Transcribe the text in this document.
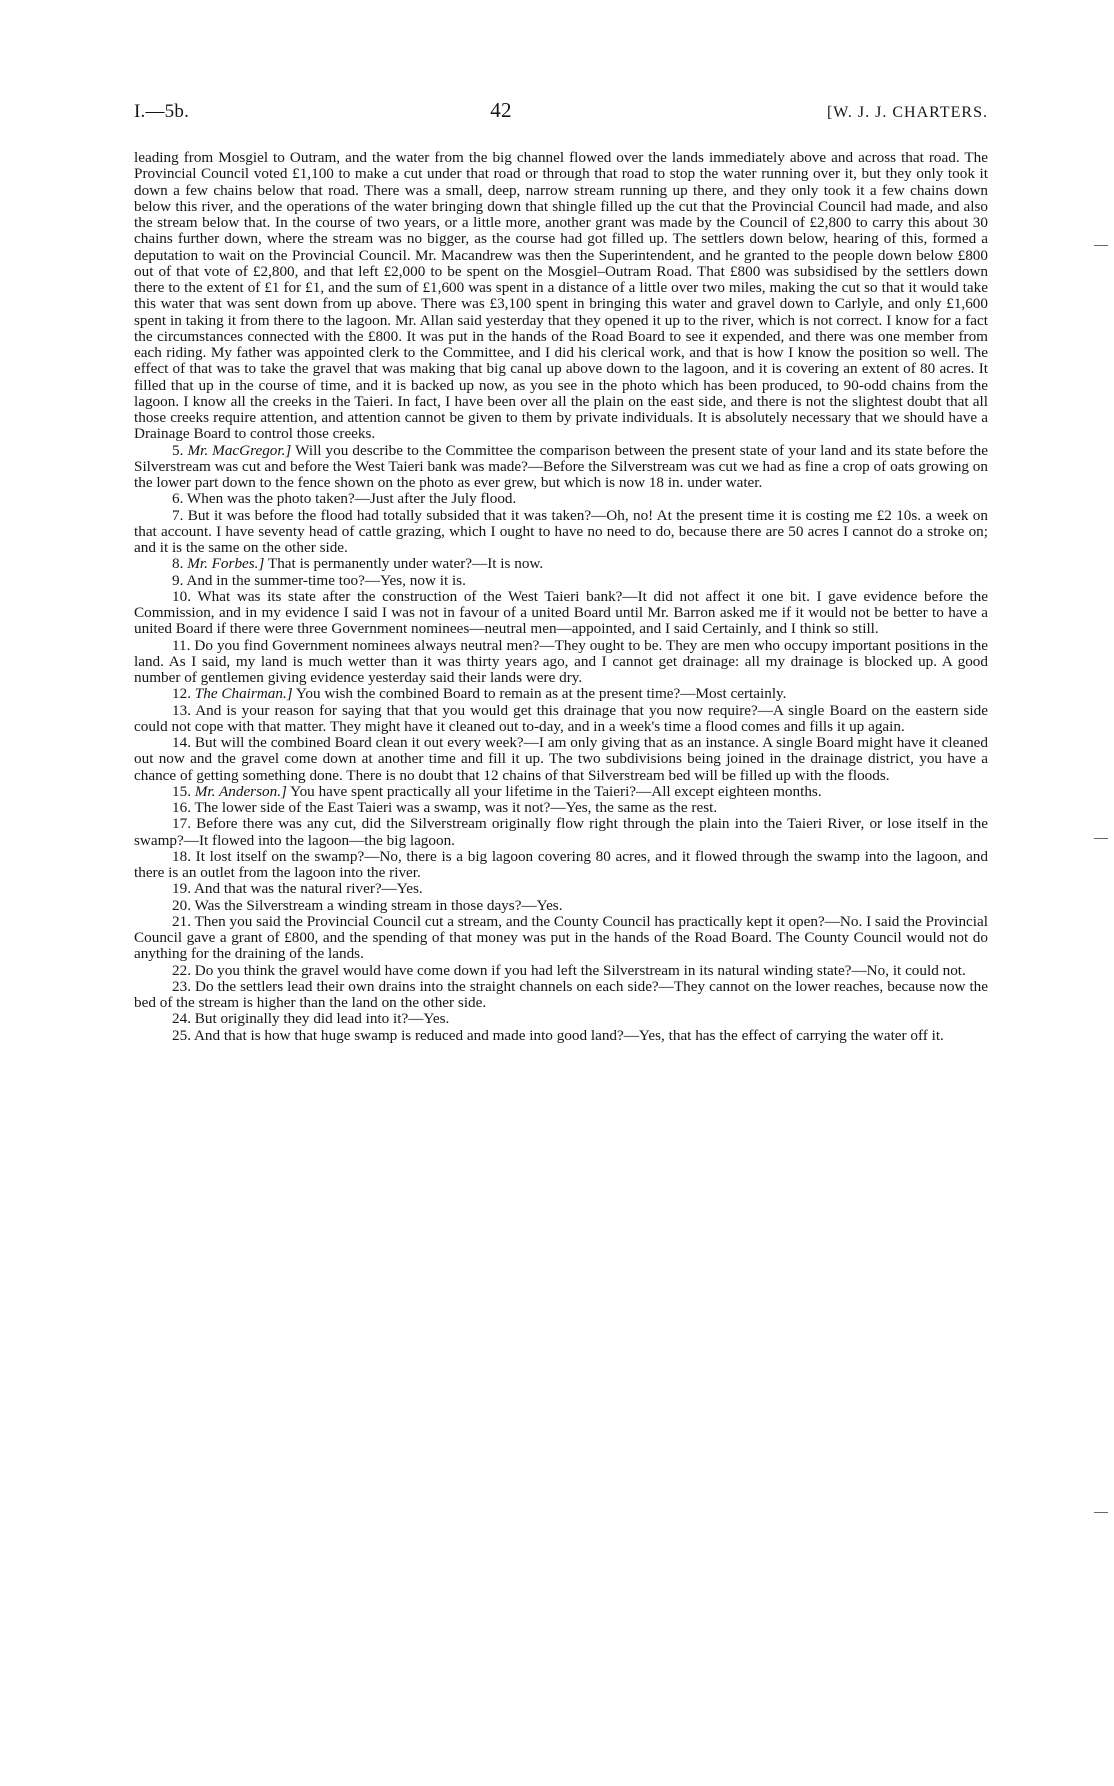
I.—5b.	42	[W. J. J. CHARTERS.

leading from Mosgiel to Outram, and the water from the big channel flowed over the lands immediately above and across that road. The Provincial Council voted £1,100 to make a cut under that road or through that road to stop the water running over it, but they only took it down a few chains below that road. There was a small, deep, narrow stream running up there, and they only took it a few chains down below this river, and the operations of the water bringing down that shingle filled up the cut that the Provincial Council had made, and also the stream below that. In the course of two years, or a little more, another grant was made by the Council of £2,800 to carry this about 30 chains further down, where the stream was no bigger, as the course had got filled up. The settlers down below, hearing of this, formed a deputation to wait on the Provincial Council. Mr. Macandrew was then the Superintendent, and he granted to the people down below £800 out of that vote of £2,800, and that left £2,000 to be spent on the Mosgiel–Outram Road. That £800 was subsidised by the settlers down there to the extent of £1 for £1, and the sum of £1,600 was spent in a distance of a little over two miles, making the cut so that it would take this water that was sent down from up above. There was £3,100 spent in bringing this water and gravel down to Carlyle, and only £1,600 spent in taking it from there to the lagoon. Mr. Allan said yesterday that they opened it up to the river, which is not correct. I know for a fact the circumstances connected with the £800. It was put in the hands of the Road Board to see it expended, and there was one member from each riding. My father was appointed clerk to the Committee, and I did his clerical work, and that is how I know the position so well. The effect of that was to take the gravel that was making that big canal up above down to the lagoon, and it is covering an extent of 80 acres. It filled that up in the course of time, and it is backed up now, as you see in the photo which has been produced, to 90-odd chains from the lagoon. I know all the creeks in the Taieri. In fact, I have been over all the plain on the east side, and there is not the slightest doubt that all those creeks require attention, and attention cannot be given to them by private individuals. It is absolutely necessary that we should have a Drainage Board to control those creeks.

5. Mr. MacGregor.] Will you describe to the Committee the comparison between the present state of your land and its state before the Silverstream was cut and before the West Taieri bank was made?—Before the Silverstream was cut we had as fine a crop of oats growing on the lower part down to the fence shown on the photo as ever grew, but which is now 18 in. under water.

6. When was the photo taken?—Just after the July flood.

7. But it was before the flood had totally subsided that it was taken?—Oh, no! At the present time it is costing me £2 10s. a week on that account. I have seventy head of cattle grazing, which I ought to have no need to do, because there are 50 acres I cannot do a stroke on; and it is the same on the other side.

8. Mr. Forbes.] That is permanently under water?—It is now.

9. And in the summer-time too?—Yes, now it is.

10. What was its state after the construction of the West Taieri bank?—It did not affect it one bit. I gave evidence before the Commission, and in my evidence I said I was not in favour of a united Board until Mr. Barron asked me if it would not be better to have a united Board if there were three Government nominees—neutral men—appointed, and I said Certainly, and I think so still.

11. Do you find Government nominees always neutral men?—They ought to be. They are men who occupy important positions in the land. As I said, my land is much wetter than it was thirty years ago, and I cannot get drainage: all my drainage is blocked up. A good number of gentlemen giving evidence yesterday said their lands were dry.

12. The Chairman.] You wish the combined Board to remain as at the present time?—Most certainly.

13. And is your reason for saying that that you would get this drainage that you now require?—A single Board on the eastern side could not cope with that matter. They might have it cleaned out to-day, and in a week's time a flood comes and fills it up again.

14. But will the combined Board clean it out every week?—I am only giving that as an instance. A single Board might have it cleaned out now and the gravel come down at another time and fill it up. The two subdivisions being joined in the drainage district, you have a chance of getting something done. There is no doubt that 12 chains of that Silverstream bed will be filled up with the floods.

15. Mr. Anderson.] You have spent practically all your lifetime in the Taieri?—All except eighteen months.

16. The lower side of the East Taieri was a swamp, was it not?—Yes, the same as the rest.

17. Before there was any cut, did the Silverstream originally flow right through the plain into the Taieri River, or lose itself in the swamp?—It flowed into the lagoon—the big lagoon.

18. It lost itself on the swamp?—No, there is a big lagoon covering 80 acres, and it flowed through the swamp into the lagoon, and there is an outlet from the lagoon into the river.

19. And that was the natural river?—Yes.

20. Was the Silverstream a winding stream in those days?—Yes.

21. Then you said the Provincial Council cut a stream, and the County Council has practically kept it open?—No. I said the Provincial Council gave a grant of £800, and the spending of that money was put in the hands of the Road Board. The County Council would not do anything for the draining of the lands.

22. Do you think the gravel would have come down if you had left the Silverstream in its natural winding state?—No, it could not.

23. Do the settlers lead their own drains into the straight channels on each side?—They cannot on the lower reaches, because now the bed of the stream is higher than the land on the other side.

24. But originally they did lead into it?—Yes.

25. And that is how that huge swamp is reduced and made into good land?—Yes, that has the effect of carrying the water off it.
